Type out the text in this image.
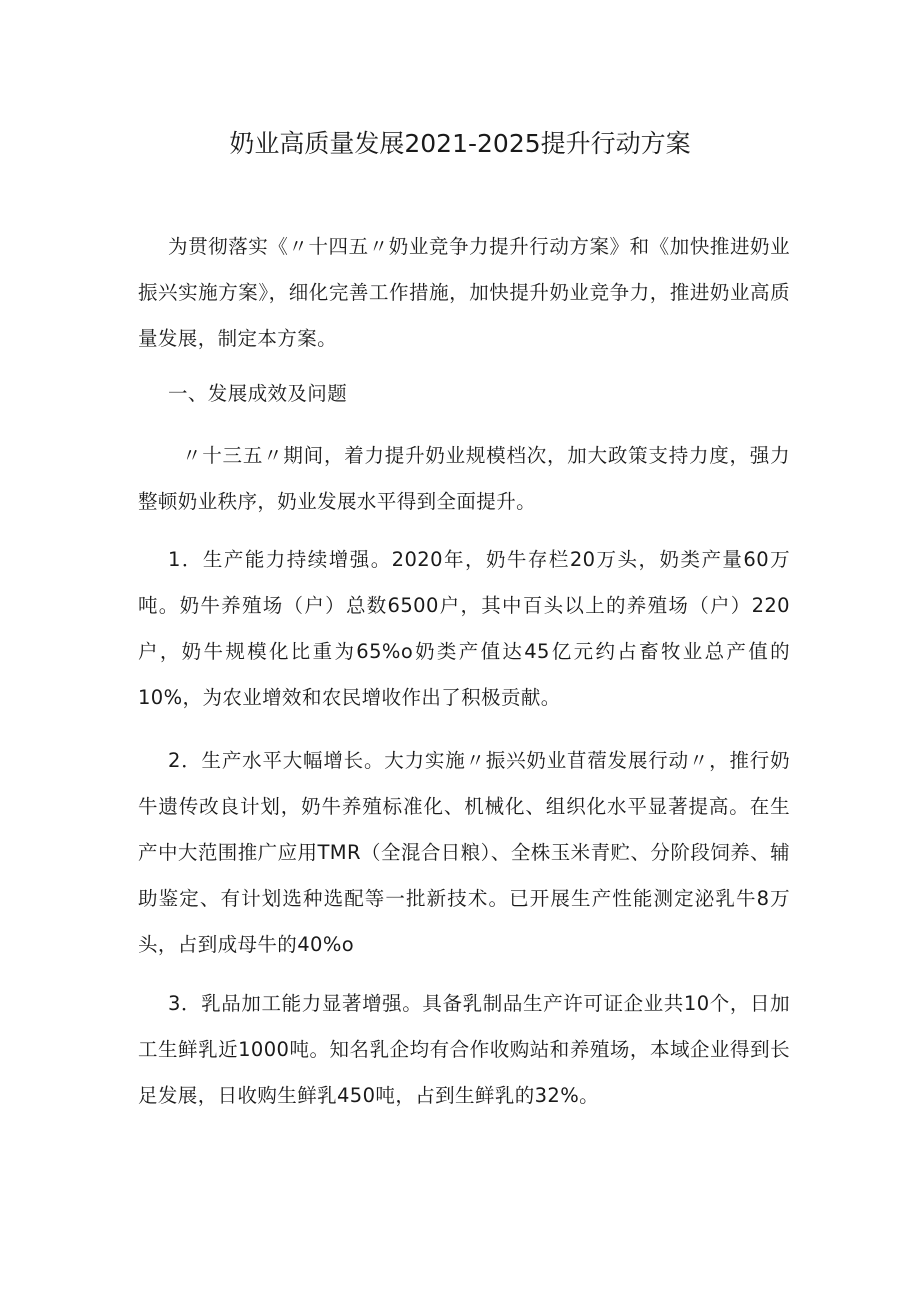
奶业高质量发展2021-2025提升行动方案

为贯彻落实《〃十四五〃奶业竞争力提升行动方案》和《加快推进奶业振兴实施方案》，细化完善工作措施，加快提升奶业竞争力，推进奶业高质量发展，制定本方案。

一、发展成效及问题

〃十三五〃期间，着力提升奶业规模档次，加大政策支持力度，强力整顿奶业秩序，奶业发展水平得到全面提升。

1．生产能力持续增强。2020年，奶牛存栏20万头，奶类产量60万吨。奶牛养殖场（户）总数6500户，其中百头以上的养殖场（户）220户，奶牛规模化比重为65%o奶类产值达45亿元约占畜牧业总产值的10%，为农业增效和农民增收作出了积极贡献。

2．生产水平大幅增长。大力实施〃振兴奶业苜蓿发展行动〃，推行奶牛遗传改良计划，奶牛养殖标准化、机械化、组织化水平显著提高。在生产中大范围推广应用TMR（全混合日粮）、全株玉米青贮、分阶段饲养、辅助鉴定、有计划选种选配等一批新技术。已开展生产性能测定泌乳牛8万头，占到成母牛的40%o

3．乳品加工能力显著增强。具备乳制品生产许可证企业共10个，日加工生鲜乳近1000吨。知名乳企均有合作收购站和养殖场，本域企业得到长足发展，日收购生鲜乳450吨，占到生鲜乳的32%。
